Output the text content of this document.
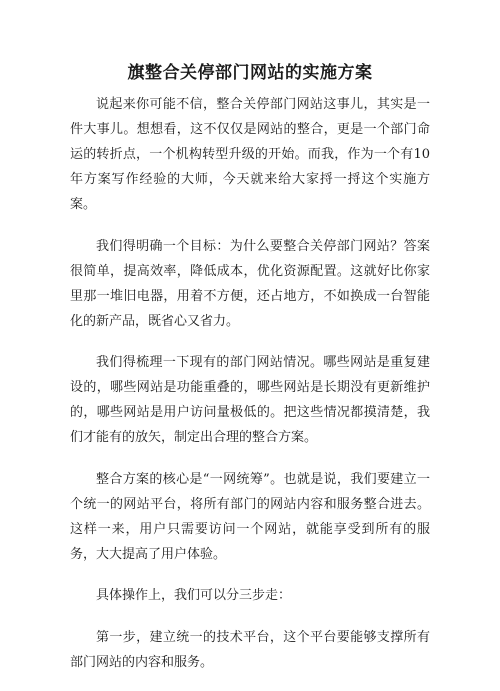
旗整合关停部门网站的实施方案

说起来你可能不信，整合关停部门网站这事儿，其实是一件大事儿。想想看，这不仅仅是网站的整合，更是一个部门命运的转折点，一个机构转型升级的开始。而我，作为一个有10年方案写作经验的大师，今天就来给大家捋一捋这个实施方案。

我们得明确一个目标：为什么要整合关停部门网站？答案很简单，提高效率，降低成本，优化资源配置。这就好比你家里那一堆旧电器，用着不方便，还占地方，不如换成一台智能化的新产品，既省心又省力。

我们得梳理一下现有的部门网站情况。哪些网站是重复建设的，哪些网站是功能重叠的，哪些网站是长期没有更新维护的，哪些网站是用户访问量极低的。把这些情况都摸清楚，我们才能有的放矢，制定出合理的整合方案。

整合方案的核心是“一网统筹”。也就是说，我们要建立一个统一的网站平台，将所有部门的网站内容和服务整合进去。这样一来，用户只需要访问一个网站，就能享受到所有的服务，大大提高了用户体验。

具体操作上，我们可以分三步走：

第一步，建立统一的技术平台，这个平台要能够支撑所有部门网站的内容和服务。
